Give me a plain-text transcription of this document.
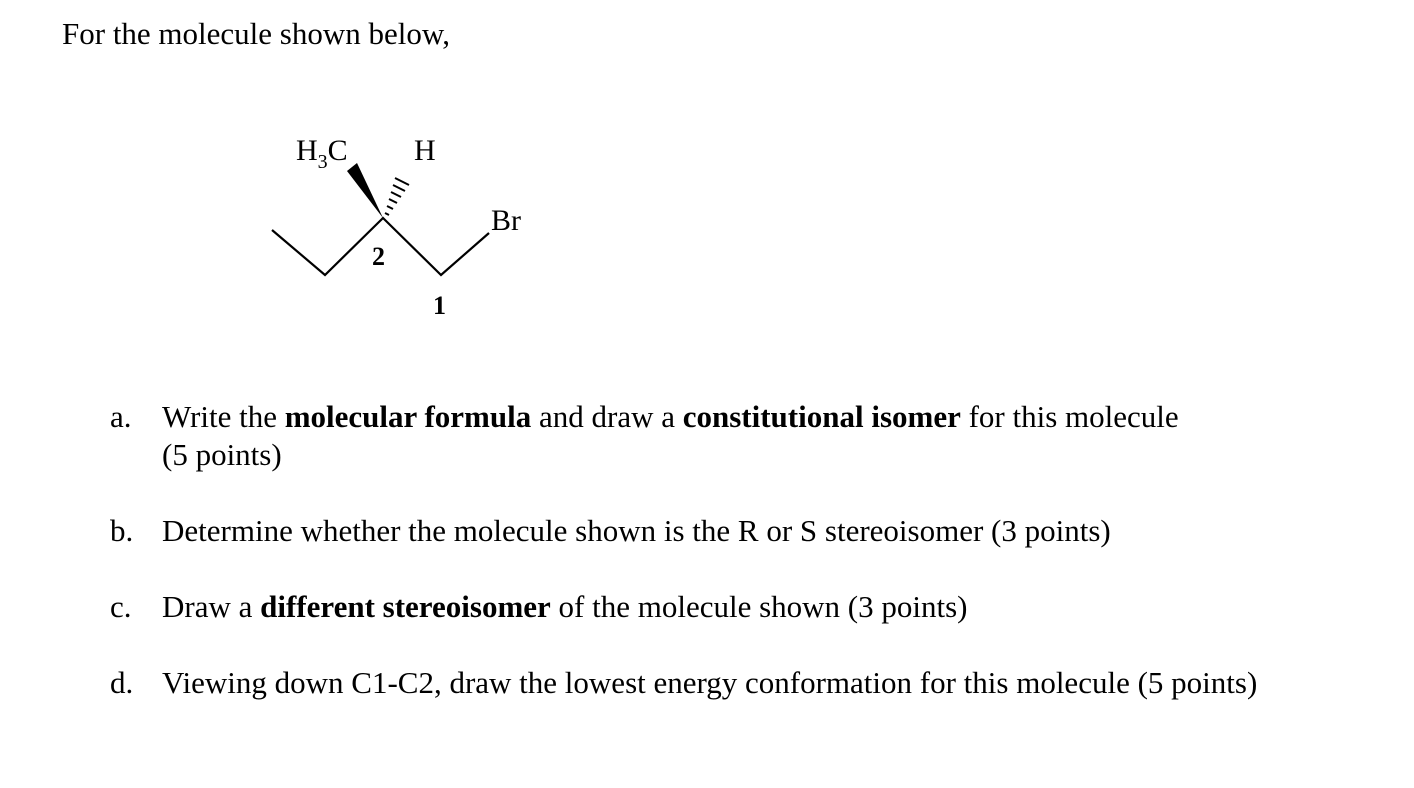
For the molecule shown below,
$H_3C$ H
Br
2
1
a. Write the molecular formula and draw a constitutional isomer for this molecule
(5 points)
b. Determine whether the molecule shown is the R or S stereoisomer (3 points)
c. Draw a different stereoisomer of the molecule shown (3 points)
d. Viewing down C1-C2, draw the lowest energy conformation for this molecule (5 points)
